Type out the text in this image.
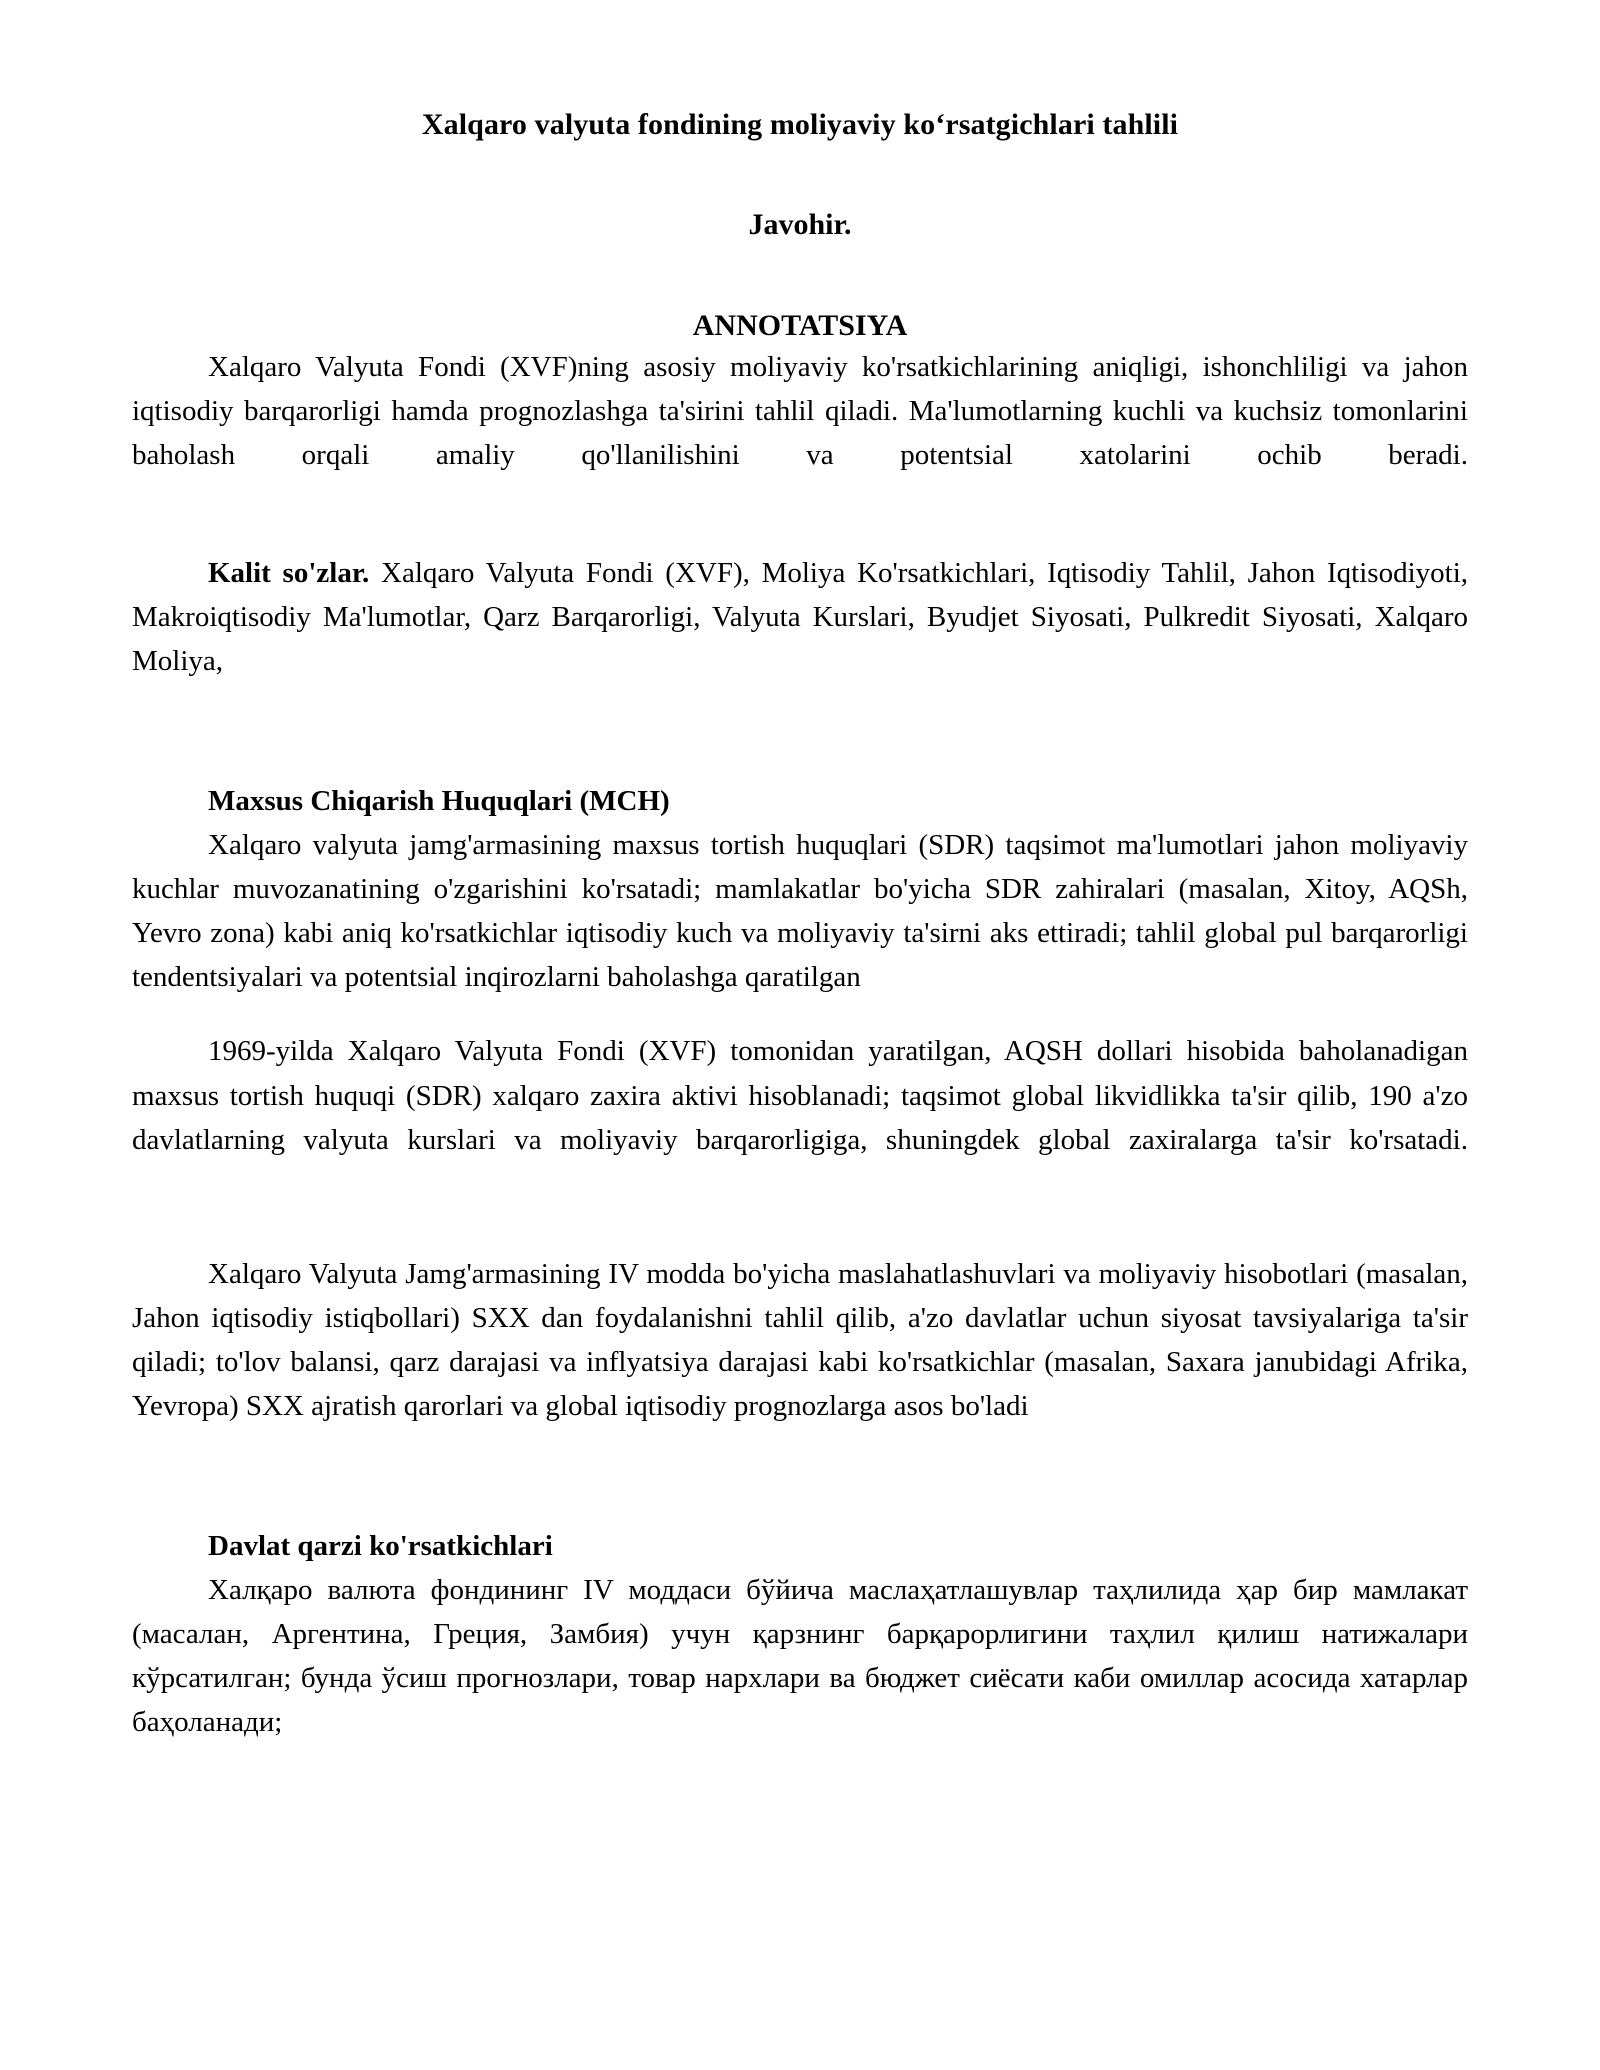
Xalqaro valyuta fondining moliyaviy ko‘rsatgichlari tahlili
Javohir.
ANNOTATSIYA

Xalqaro Valyuta Fondi (XVF)ning asosiy moliyaviy ko'rsatkichlarining aniqligi, ishonchliligi va jahon iqtisodiy barqarorligi hamda prognozlashga ta'sirini tahlil qiladi. Ma'lumotlarning kuchli va kuchsiz tomonlarini baholash orqali amaliy qo'llanilishini va potentsial xatolarini ochib beradi.

Kalit so'zlar. Xalqaro Valyuta Fondi (XVF), Moliya Ko'rsatkichlari, Iqtisodiy Tahlil, Jahon Iqtisodiyoti, Makroiqtisodiy Ma'lumotlar, Qarz Barqarorligi, Valyuta Kurslari, Byudjet Siyosati, Pulkredit Siyosati, Xalqaro Moliya,

Maxsus Chiqarish Huquqlari (MCH)

Xalqaro valyuta jamg'armasining maxsus tortish huquqlari (SDR) taqsimot ma'lumotlari jahon moliyaviy kuchlar muvozanatining o'zgarishini ko'rsatadi; mamlakatlar bo'yicha SDR zahiralari (masalan, Xitoy, AQSh, Yevro zona) kabi aniq ko'rsatkichlar iqtisodiy kuch va moliyaviy ta'sirni aks ettiradi; tahlil global pul barqarorligi tendentsiyalari va potentsial inqirozlarni baholashga qaratilgan

1969-yilda Xalqaro Valyuta Fondi (XVF) tomonidan yaratilgan, AQSH dollari hisobida baholanadigan maxsus tortish huquqi (SDR) xalqaro zaxira aktivi hisoblanadi; taqsimot global likvidlikka ta'sir qilib, 190 a'zo davlatlarning valyuta kurslari va moliyaviy barqarorligiga, shuningdek global zaxiralarga ta'sir ko'rsatadi.

Xalqaro Valyuta Jamg'armasining IV modda bo'yicha maslahatlashuvlari va moliyaviy hisobotlari (masalan, Jahon iqtisodiy istiqbollari) SXX dan foydalanishni tahlil qilib, a'zo davlatlar uchun siyosat tavsiyalariga ta'sir qiladi; to'lov balansi, qarz darajasi va inflyatsiya darajasi kabi ko'rsatkichlar (masalan, Saxara janubidagi Afrika, Yevropa) SXX ajratish qarorlari va global iqtisodiy prognozlarga asos bo'ladi

Davlat qarzi ko'rsatkichlari

Халқаро валюта фондининг IV моддаси бўйича маслаҳатлашувлар таҳлилида ҳар бир мамлакат (масалан, Аргентина, Греция, Замбия) учун қарзнинг барқарорлигини таҳлил қилиш натижалари кўрсатилган; бунда ўсиш прогнозлари, товар нархлари ва бюджет сиёсати каби омиллар асосида хатарлар баҳоланади;
